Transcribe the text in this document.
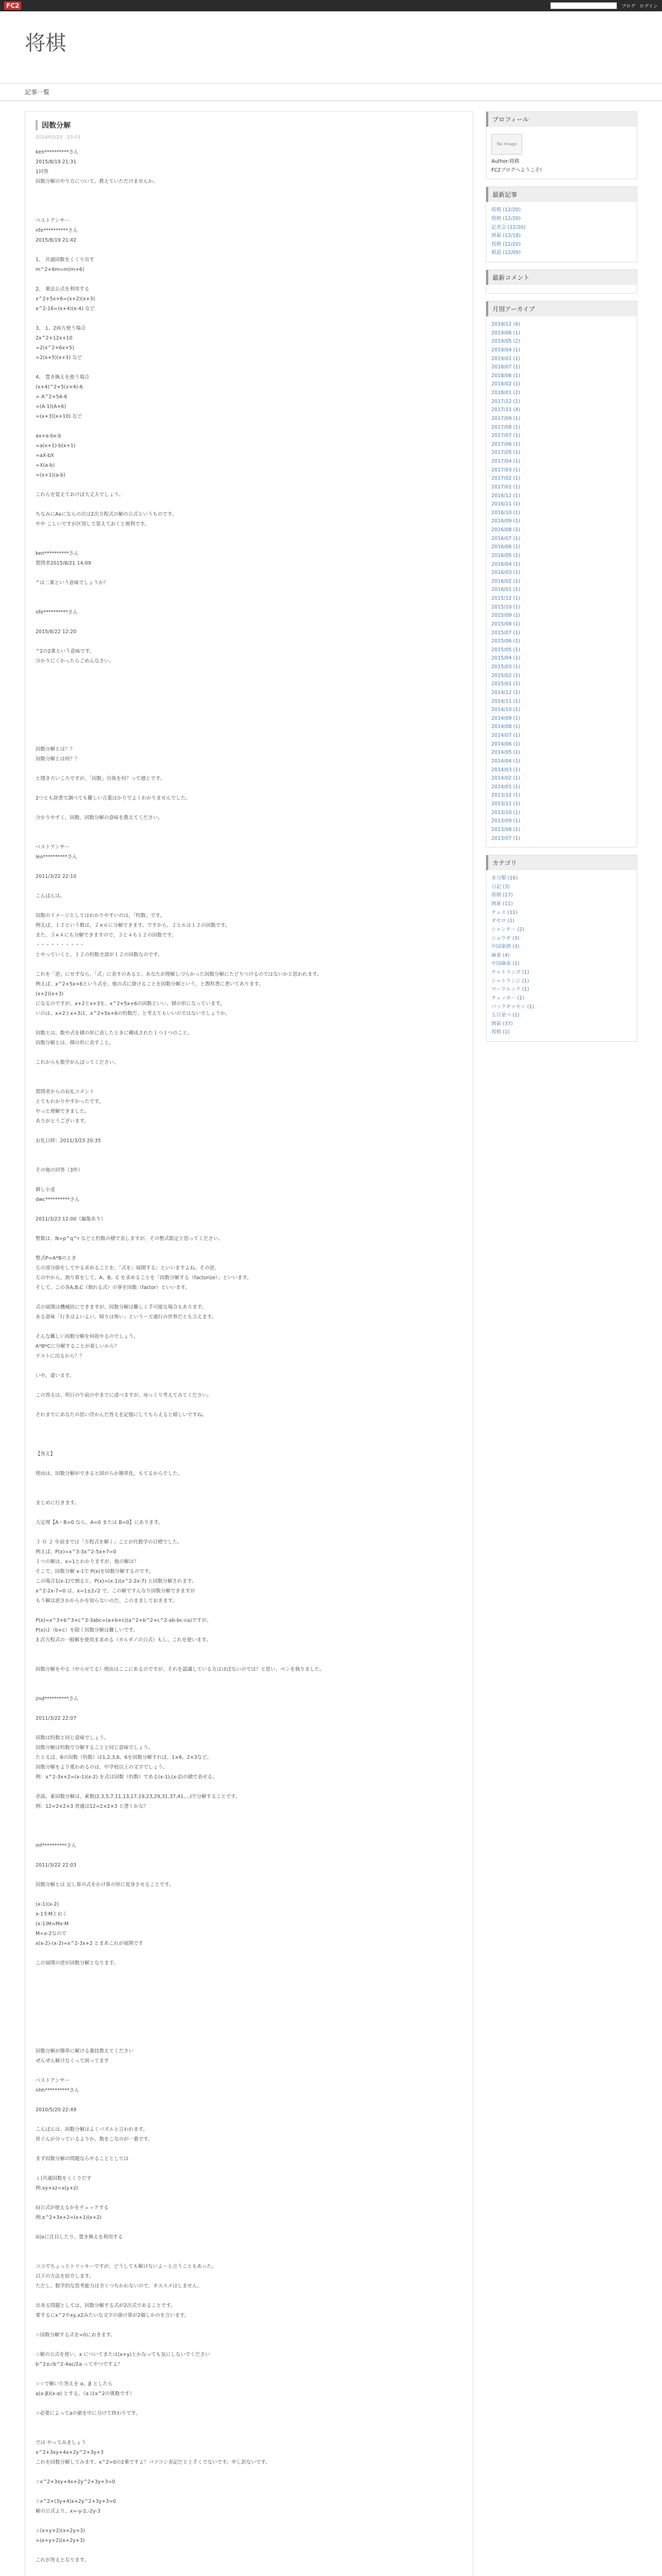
FC2	ブログ ログイン
将棋
記事一覧
因数分解
2014/03/23　23:03

ken**********さん

2015/8/19 21:31

1回答

因数分解のやり方について。教えていただけませんか。

ベストアンサー

nfe**********さん

2015/8/19 21:42

1、 共通因数をくくり出す

m^2+6m=m(m+6)

2、 乗法公式を利用する

x^2+5x+6=(x+2)(x+3)

x^2-16=(x+4)(x-4) など

3、 1、2両方使う場合

2x^2+12x+10

=2(x^2+6x+5)

=2(x+5)(x+1) など

4、 置き換えを使う場合

(x+4)^2+5(x+4)-6

= A^2+5A-6

=(A-1)(A+6)

=(x+3)(x+10) など

ax+a-bx-b

=a(x+1)-b(x+1)

=aX-bX

=X(a-b)

=(x+1)(a-b)

これらを覚えておけば大丈夫でしょう。

ちなみにAxにならの次は2次方程式の解の公式というものです。

やや こしいですが区別して覚えておくと便利です。

ken**********さん

質問者2015/8/21 14:09

^は二乗という意味でしょうか？

nfe**********さん

2015/8/22 12:20

^2の2乗という意味です。

分かりにくかったらごめんなさい。

因数分解とは？？

因数分解とは何？？

と聞き方いころですが、「因数」自体を何？って感じです。

2つとも辞書で調べても難しい言葉はかりでよくわかりませんでした。

分かりやすく、因数、因数分解の意味を教えてください。

ベストアンサー

leo**********さん

2011/3/22 22:10

こんばんは。

因数のイメージとしてはわかりやすいのは、「約数」です。

例えば、１２という数は、２×６に分解できます。ですから、２と６は１２の因数です。

また、３×４にも分解できますので、３と４も１２の因数です。

・・・・・・・・・・

とやっていくと、１２の約数全部が１２の因数なのです。

これを「逆」にせずなら、「式」に表すのあると、あなたが理解しづらかった因数分解にたどりつけるのではないかと思われます。

例えば、x^2+5x+6という式を、他の式に掛けることを因数分解という、と教科書に書いてあります。

(x+2)(x+3)

になるのですが、x+2とx+3を、x^2+5x+6の因数といい、積の形になっています。

いのは、x+2とx+3は、x^2+5x+6の約数だ、と考えてもいいのではないでしょうか。

因数とは、数や式を積の形に表したときに構成された１つ１つのこと。

因数分解とは、積の形に表すこと。

これからも数学がんばってください。

質問者からのお礼コメント

とてもわかりやすかったです。

やっと理解できました。

ありがとうございます。

お礼日時：2011/3/23 20:35

その他の回答（3件）

耕し小麦

dwc**********さん

2011/3/23 12:00（編集あり）

整数は、N=p^q^r などと約数の積で表しますが、その整式限定と思ってください。

整式P=A*Bのとき

左の部分掛をしてやる求めることを、「式を」展開する」といいますよね。その逆、

左の中から、割り算をして、A、B、C を求めることを「因数分解する（factorize）」といいます。

そして、この各A,B,C（割れる式）の事を因数（factor）といいます。

式の展開は機械的にできますが、因数分解は難しく手可能な場合もあります。

ある意味「行きはよいよい、帰りは怖い」というー方通行の世界だとも言えます。

そんな難しい因数分解を何故やるのでしょう。

A*B*Cに分解することが楽しいから？

テストに出るから？？

いや、違います。

この答えは、明日の午前の中までに述べますが、ゆっくり考えてみてください。

それまでにあなたの思い浮かんだ答えを記憶にしてもらえると嬉しいですね。

【答え】

理由は、因数分解ができると固がらか簡単化、もてるからでした。

まじめに行きます。

大定理【A・B=0 なら、A=0 または B=0】にあります。

３ ０ ２ 年前までは「方程式を解く」ことが代数学の目標でした。

例えば、P(x)=x^3-3x^2-5x+7=0

１つの解は、x=1とわかりますが、他の解は？

そこで、因数分解 x-1で P(x)を因数分解するのです。

この場合1(x-1)で割ると、P(x)=(x-1)(x^2-2x-7) と因数分解されます。

x^2-2x-7=0 は、x=1±2√2 で、この解ですんなり因数分解できますが

もう解は逆さかからかを知らないのだ、このまましておきます。

P(x)=x^3+b^3+c^3-3abc=(a+b+c)(a^2+b^2+c^2-ab-bc-ca)ですが、

P(x)は（b+c）を除く因数分解は難しいです。

3 次方程式の一般解を使用ま求める（カルダノの公式）もし、これを使います。

因数分解をやる（やらせてる）理由はここにあるのですが、それを認識している方はほぼないのでは？と思い、ペンを執りました。

znd**********さん

2011/3/22 22:07

因数は約数と同じ意味でしょう。

因数分解は約数で分解することと同じ意味でしょう。

たとえば、6の因数（約数）は1,2,3,6、6を因数分解すれば、1×6、2×3など。

因数分解をより愛わめるのは、中学校以上の文字でしょう。

例：x^2-3x+2=(x-1)(x-2) を式は因数（約数）である(x-1),(x-2)の積で表せる。

余談。素因数分解は、素数(2,3,5,7,11,13,17,19,23,29,31,37,41,...)で分解することです。

例：12=2×2×3 普通は12=2×2×3 と書くかな？

mf**********さん

2011/3/22 22:03

因数分解とは 足し算の式をかけ算の形に変身させることです。

(x-1)(x-2)

x-1をMとおく

(x-1)M=Mx-M

M=x-2なので

x(x-2)-(x-2)=x^2-3x+2 とまあこれが展開です

この展開の逆が因数分解となります。

因数分解が簡単に解ける裏技教えてください

ぜんぜん解けなくって困ってます

ベストアンサー

nhh**********さん

2010/5/20 22:49

こんばんは、因数分解はよくパズルと言われます。

骨ぐんが分っているよりか、数をこなのが一番です。

まず因数分解の問題ならやることとしては

ｉ)共通因数をくくりだす

例:xy+xz=x(y+z)

ii)公式が使えるかをチェックする

例:x^2+3x+2=(x+1)(x+2)

iii)xに注目したり、置き換えを利用する

ココでちょっとトリッキーですが、どうしても解けないよーと言うこともあった。

以下の方法を紹介します。

ただし、数学的な思考能力は全くつちかわないので、オススメはしません。

出来る問題としては、因数分解する式が2次式であることです。

要するにx^2やxy,x2みたいな文字の掛け算が2個しかのを言います。

☆因数分解する式を=0におきます。

☆解の公式を使い、x についてまたは(x+y)とかなっても気にしないでください

b^2±√b^2-4ac/2a ってやつですよ？

☆☆で解いた答えを α、β としたら

a(x-β)(x-α) とする。（a はx^2の係数です）

☆必要によってaの値を中に分けて終わりです。

では やってみましょう

x^2+3xy+4x+2y^2+3y+3

これを因数分解してみます。x^2=0の2乗ですよ？パソコン表記だと上手くでないです。申し訳ないです。

☆x^2+3xy+4x+2y^2+3y+3=0

☆x^2+(3y+4)x+2y^2+3y+3=0

解の公式より、x=-y-2,-2y-3

☆(x+y+2)(x+2y+3)

=(x+y+2)(x+2y+3)

これが答えとなります。

プロフィール
No Image
Author:将棋
FC2ブログへようこそ!
最新記事
将棋 (12/20)
将棋 (12/20)
記者会 (12/20)
囲碁 (12/18)
将棋 (12/20)
棋道 (12/09)
最新コメント
月別アーカイブ
2019/12 (6)
2019/06 (1)
2019/05 (2)
2019/04 (1)
2019/01 (1)
2018/07 (1)
2018/06 (1)
2018/02 (1)
2018/01 (2)
2017/12 (1)
2017/11 (4)
2017/09 (1)
2017/08 (1)
2017/07 (1)
2017/06 (1)
2017/05 (1)
2017/04 (1)
2017/03 (1)
2017/02 (1)
2017/01 (1)
2016/12 (1)
2016/11 (1)
2016/10 (1)
2016/09 (1)
2016/08 (1)
2016/07 (1)
2016/06 (1)
2016/05 (1)
2016/04 (1)
2016/03 (1)
2016/02 (1)
2016/01 (1)
2015/12 (1)
2015/10 (1)
2015/09 (1)
2015/08 (1)
2015/07 (1)
2015/06 (1)
2015/05 (1)
2015/04 (1)
2015/03 (1)
2015/02 (1)
2015/01 (1)
2014/12 (1)
2014/11 (1)
2014/10 (1)
2014/09 (1)
2014/08 (1)
2014/07 (1)
2014/06 (1)
2014/05 (1)
2014/04 (1)
2014/03 (1)
2014/02 (1)
2014/01 (1)
2013/12 (1)
2013/11 (1)
2013/10 (1)
2013/09 (1)
2013/08 (1)
2013/07 (1)
カテゴリ
未分類 (16)
日記 (3)
将棋 (17)
囲碁 (11)
チェス (11)
オセロ (1)
シャンチー (2)
ショウギ (3)
中国象棋 (3)
麻雀 (4)
中国麻雀 (1)
チャトランガ (1)
シャトランジ (1)
マークルック (1)
チェッカー (1)
バックギャモン (1)
五目並べ (1)
囲碁 (37)
将棋 (1)
